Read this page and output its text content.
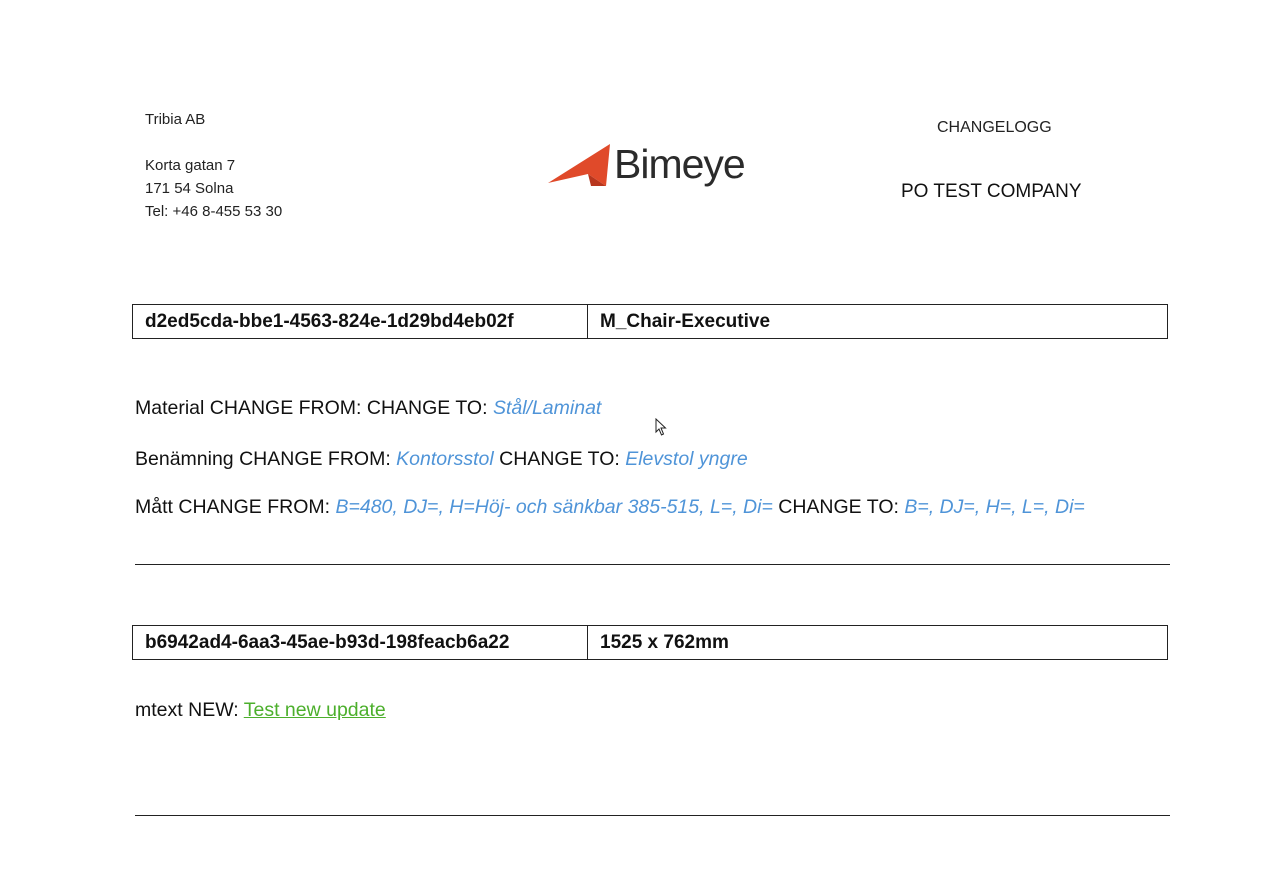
Tribia AB
Korta gatan 7
171 54 Solna
Tel: +46 8-455 53 30
Bimeye
CHANGELOGG
PO TEST COMPANY
d2ed5cda-bbe1-4563-824e-1d29bd4eb02f	M_Chair-Executive
Material CHANGE FROM: CHANGE TO: Stål/Laminat
Benämning CHANGE FROM: Kontorsstol CHANGE TO: Elevstol yngre
Mått CHANGE FROM: B=480, DJ=, H=Höj- och sänkbar 385-515, L=, Di= CHANGE TO: B=, DJ=, H=, L=, Di=
b6942ad4-6aa3-45ae-b93d-198feacb6a22	1525 x 762mm
mtext NEW: Test new update
